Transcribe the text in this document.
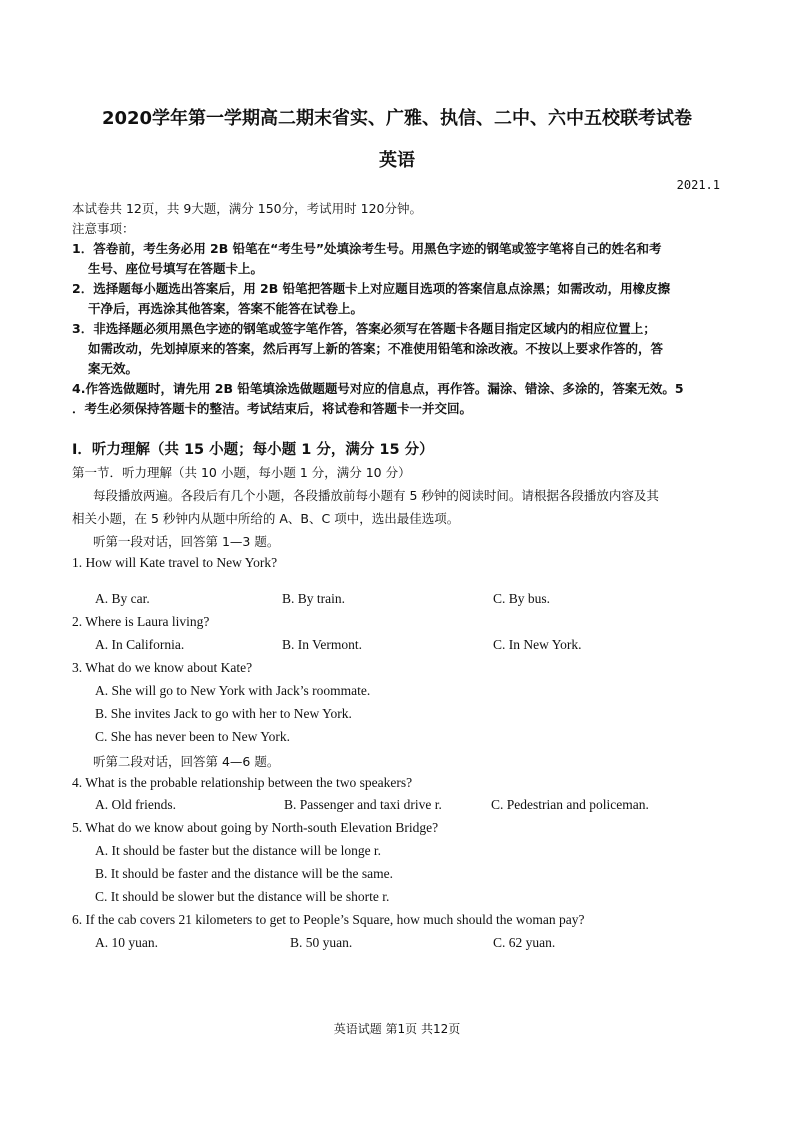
2020学年第一学期高二期末省实、广雅、执信、二中、六中五校联考试卷
英语
2021.1
本试卷共 12页，共 9大题，满分 150分，考试用时 120分钟。
注意事项：
1．答卷前，考生务必用 2B 铅笔在“考生号”处填涂考生号。用黑色字迹的钢笔或签字笔将自己的姓名和考
生号、座位号填写在答题卡上。
2．选择题每小题选出答案后，用 2B 铅笔把答题卡上对应题目选项的答案信息点涂黑；如需改动，用橡皮擦
干净后，再选涂其他答案，答案不能答在试卷上。
3．非选择题必须用黑色字迹的钢笔或签字笔作答，答案必须写在答题卡各题目指定区域内的相应位置上；
如需改动，先划掉原来的答案，然后再写上新的答案；不准使用铅笔和涂改液。不按以上要求作答的，答
案无效。
4.作答选做题时，请先用 2B 铅笔填涂选做题题号对应的信息点，再作答。漏涂、错涂、多涂的，答案无效。5
．考生必须保持答题卡的整洁。考试结束后，将试卷和答题卡一并交回。
Ⅰ．听力理解（共 15 小题；每小题 1 分，满分 15 分）
第一节．听力理解（共 10 小题，每小题 1 分，满分 10 分）
每段播放两遍。各段后有几个小题，各段播放前每小题有 5 秒钟的阅读时间。请根据各段播放内容及其
相关小题，在 5 秒钟内从题中所给的 A、B、C 项中，选出最佳选项。
听第一段对话，回答第 1—3 题。
1. How will Kate travel to New York?
A. By car.	B. By train.	C. By bus.
2. Where is Laura living?
A. In California.	B. In Vermont.	C. In New York.
3. What do we know about Kate?
A. She will go to New York with Jack’s roommate.
B. She invites Jack to go with her to New York.
C. She has never been to New York.
听第二段对话，回答第 4—6 题。
4. What is the probable relationship between the two speakers?
A. Old friends.	B. Passenger and taxi drive r.	C. Pedestrian and policeman.
5. What do we know about going by North-south Elevation Bridge?
A. It should be faster but the distance will be longe r.
B. It should be faster and the distance will be the same.
C. It should be slower but the distance will be shorte r.
6. If the cab covers 21 kilometers to get to People’s Square, how much should the woman pay?
A. 10 yuan.	B. 50 yuan.	C. 62 yuan.
英语试题 第1页 共12页
